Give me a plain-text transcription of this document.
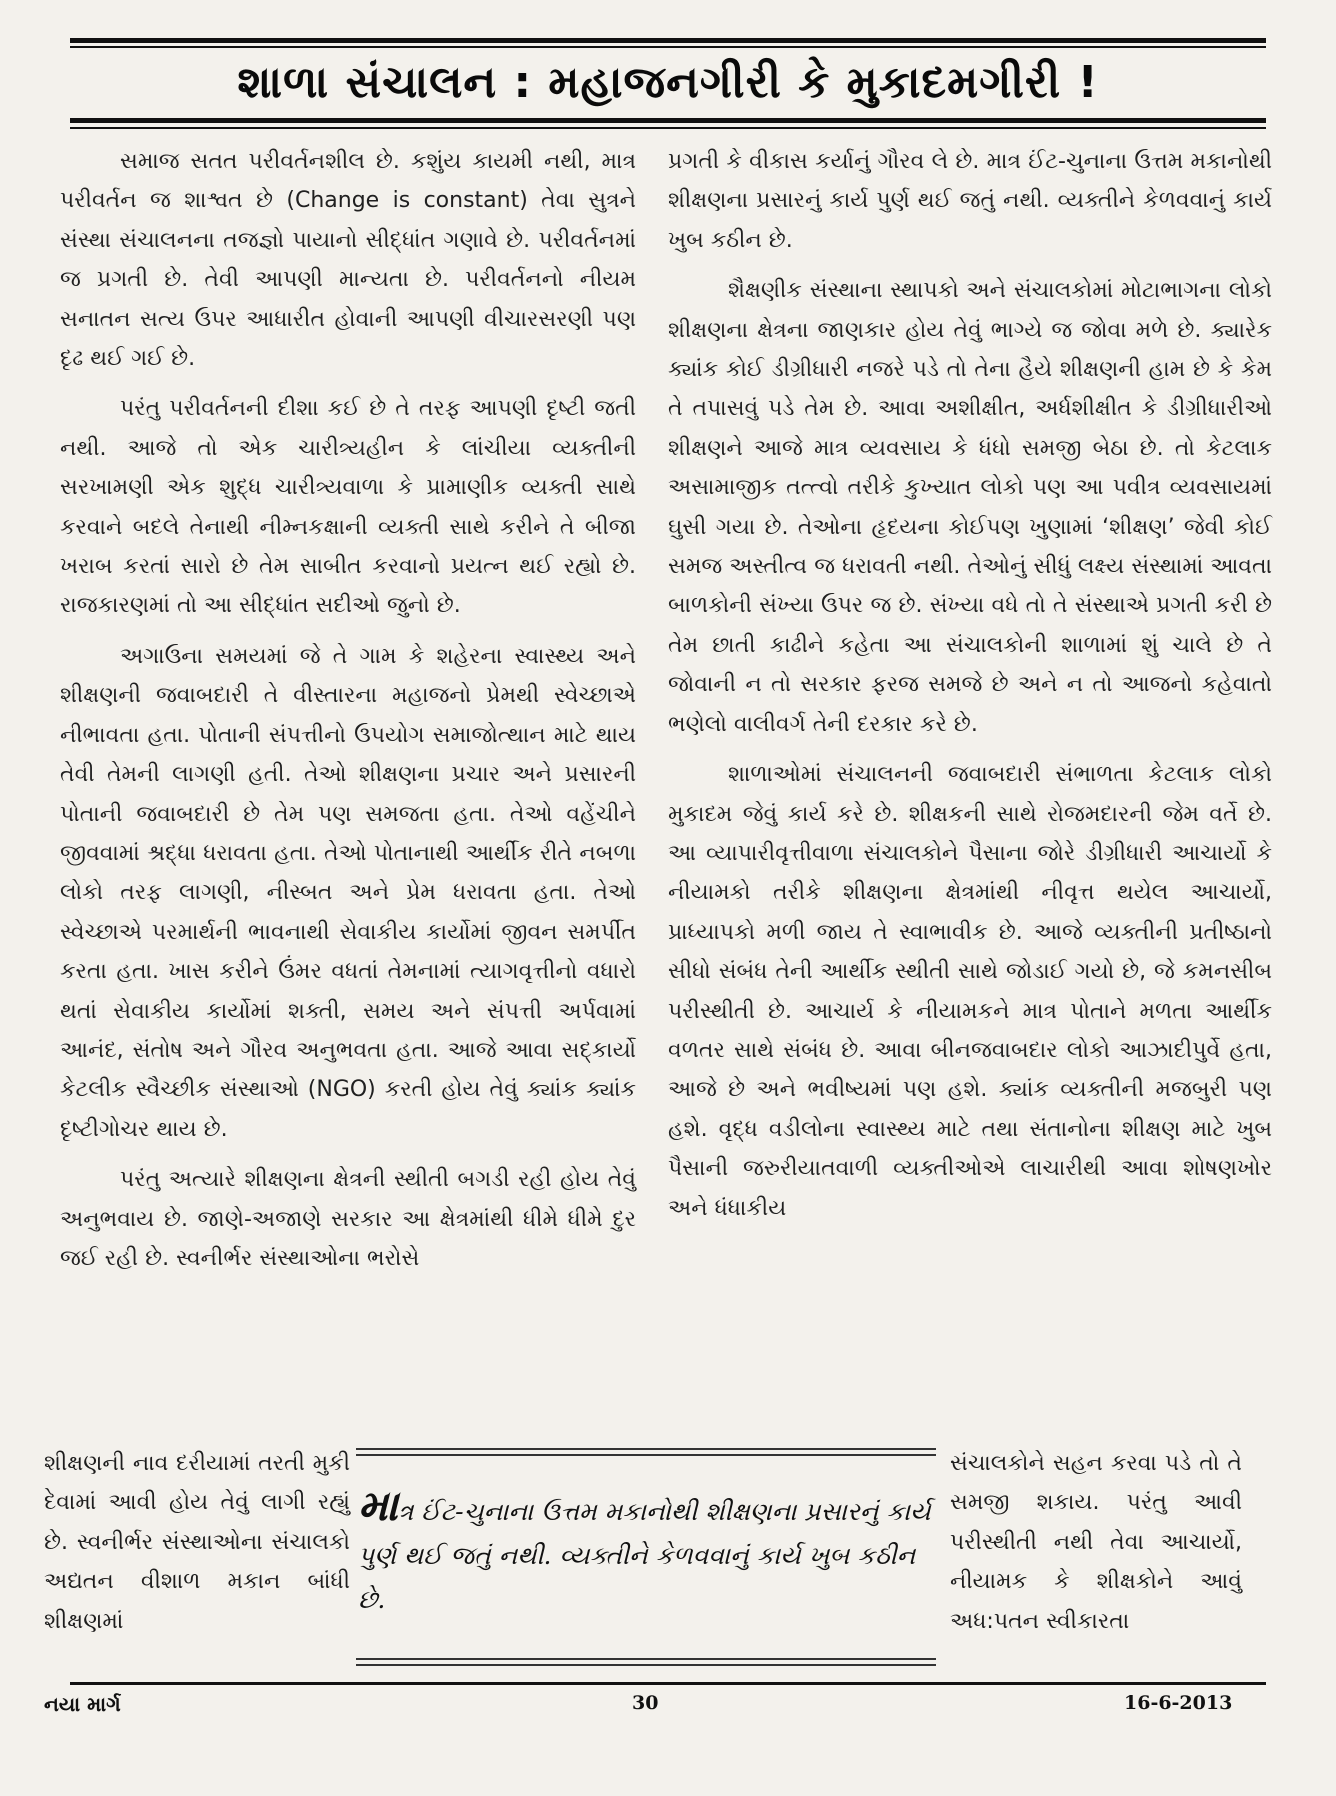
શાળા સંચાલન : મહાજનગીરી કે મુકાદમગીરી !

સમાજ સતત પરીવર્તનશીલ છે. કશુંય કાયમી નથી, માત્ર પરીવર્તન જ શાશ્વત છે (Change is constant) તેવા સુત્રને સંસ્થા સંચાલનના તજજ્ઞો પાયાનો સીદ્ધાંત ગણાવે છે. પરીવર્તનમાં જ પ્રગતી છે. તેવી આપણી માન્યતા છે. પરીવર્તનનો નીયમ સનાતન સત્ય ઉપર આધારીત હોવાની આપણી વીચારસરણી પણ દૃઢ થઈ ગઈ છે.

પરંતુ પરીવર્તનની દીશા કઈ છે તે તરફ આપણી દૃષ્ટી જતી નથી. આજે તો એક ચારીત્ર્યહીન કે લાંચીયા વ્યક્તીની સરખામણી એક શુદ્ધ ચારીત્ર્યવાળા કે પ્રામાણીક વ્યક્તી સાથે કરવાને બદલે તેનાથી નીમ્નકક્ષાની વ્યક્તી સાથે કરીને તે બીજા ખરાબ કરતાં સારો છે તેમ સાબીત કરવાનો પ્રયત્ન થઈ રહ્યો છે. રાજકારણમાં તો આ સીદ્ધાંત સદીઓ જુનો છે.

અગાઉના સમયમાં જે તે ગામ કે શહેરના સ્વાસ્થ્ય અને શીક્ષણની જવાબદારી તે વીસ્તારના મહાજનો પ્રેમથી સ્વેચ્છાએ નીભાવતા હતા. પોતાની સંપત્તીનો ઉપયોગ સમાજોત્થાન માટે થાય તેવી તેમની લાગણી હતી. તેઓ શીક્ષણના પ્રચાર અને પ્રસારની પોતાની જવાબદારી છે તેમ પણ સમજતા હતા. તેઓ વહેંચીને જીવવામાં શ્રદ્ધા ધરાવતા હતા. તેઓ પોતાનાથી આર્થીક રીતે નબળા લોકો તરફ લાગણી, નીસ્બત અને પ્રેમ ધરાવતા હતા. તેઓ સ્વેચ્છાએ પરમાર્થની ભાવનાથી સેવાકીય કાર્યોમાં જીવન સમર્પીત કરતા હતા. ખાસ કરીને ઉંમર વધતાં તેમનામાં ત્યાગવૃત્તીનો વધારો થતાં સેવાકીય કાર્યોમાં શક્તી, સમય અને સંપત્તી અર્પવામાં આનંદ, સંતોષ અને ગૌરવ અનુભવતા હતા. આજે આવા સદ્કાર્યો કેટલીક સ્વૈચ્છીક સંસ્થાઓ (NGO) કરતી હોય તેવું ક્યાંક ક્યાંક દૃષ્ટીગોચર થાય છે.

પરંતુ અત્યારે શીક્ષણના ક્ષેત્રની સ્થીતી બગડી રહી હોય તેવું અનુભવાય છે. જાણે-અજાણે સરકાર આ ક્ષેત્રમાંથી ધીમે ધીમે દુર જઈ રહી છે. સ્વનીર્ભર સંસ્થાઓના ભરોસે

પ્રગતી કે વીકાસ કર્યાનું ગૌરવ લે છે. માત્ર ઈંટ-ચુનાના ઉત્તમ મકાનોથી શીક્ષણના પ્રસારનું કાર્ય પુર્ણ થઈ જતું નથી. વ્યક્તીને કેળવવાનું કાર્ય ખુબ કઠીન છે.

શૈક્ષણીક સંસ્થાના સ્થાપકો અને સંચાલકોમાં મોટાભાગના લોકો શીક્ષણના ક્ષેત્રના જાણકાર હોય તેવું ભાગ્યે જ જોવા મળે છે. ક્યારેક ક્યાંક કોઈ ડીગ્રીધારી નજરે પડે તો તેના હૈયે શીક્ષણની હામ છે કે કેમ તે તપાસવું પડે તેમ છે. આવા અશીક્ષીત, અર્ધશીક્ષીત કે ડીગ્રીધારીઓ શીક્ષણને આજે માત્ર વ્યવસાય કે ધંધો સમજી બેઠા છે. તો કેટલાક અસામાજીક તત્ત્વો તરીકે કુખ્યાત લોકો પણ આ પવીત્ર વ્યવસાયમાં ઘુસી ગયા છે. તેઓના હૃદયના કોઈપણ ખુણામાં ‘શીક્ષણ’ જેવી કોઈ સમજ અસ્તીત્વ જ ધરાવતી નથી. તેઓનું સીધું લક્ષ્ય સંસ્થામાં આવતા બાળકોની સંખ્યા ઉપર જ છે. સંખ્યા વધે તો તે સંસ્થાએ પ્રગતી કરી છે તેમ છાતી કાઢીને કહેતા આ સંચાલકોની શાળામાં શું ચાલે છે તે જોવાની ન તો સરકાર ફરજ સમજે છે અને ન તો આજનો કહેવાતો ભણેલો વાલીવર્ગ તેની દરકાર કરે છે.

શાળાઓમાં સંચાલનની જવાબદારી સંભાળતા કેટલાક લોકો મુકાદમ જેવું કાર્ય કરે છે. શીક્ષકની સાથે રોજમદારની જેમ વર્તે છે. આ વ્યાપારીવૃત્તીવાળા સંચાલકોને પૈસાના જોરે ડીગ્રીધારી આચાર્યો કે નીયામકો તરીકે શીક્ષણના ક્ષેત્રમાંથી નીવૃત્ત થયેલ આચાર્યો, પ્રાધ્યાપકો મળી જાય તે સ્વાભાવીક છે. આજે વ્યક્તીની પ્રતીષ્ઠાનો સીધો સંબંધ તેની આર્થીક સ્થીતી સાથે જોડાઈ ગયો છે, જે કમનસીબ પરીસ્થીતી છે. આચાર્ય કે નીયામકને માત્ર પોતાને મળતા આર્થીક વળતર સાથે સંબંધ છે. આવા બીનજવાબદાર લોકો આઝાદીપુર્વે હતા, આજે છે અને ભવીષ્યમાં પણ હશે. ક્યાંક વ્યક્તીની મજબુરી પણ હશે. વૃદ્ધ વડીલોના સ્વાસ્થ્ય માટે તથા સંતાનોના શીક્ષણ માટે ખુબ પૈસાની જરુરીયાતવાળી વ્યક્તીઓએ લાચારીથી આવા શોષણખોર અને ધંધાકીય

શીક્ષણની નાવ દરીયામાં તરતી મુકી દેવામાં આવી હોય તેવું લાગી રહ્યું છે. સ્વનીર્ભર સંસ્થાઓના સંચાલકો અદ્યતન વીશાળ મકાન બાંધી શીક્ષણમાં

માત્ર ઈંટ-ચુનાના ઉત્તમ મકાનોથી શીક્ષણના પ્રસારનું કાર્ય પુર્ણ થઈ જતું નથી. વ્યક્તીને કેળવવાનું કાર્ય ખુબ કઠીન છે.

સંચાલકોને સહન કરવા પડે તો તે સમજી શકાય. પરંતુ આવી પરીસ્થીતી નથી તેવા આચાર્યો, નીયામક કે શીક્ષકોને આવું અધ:પતન સ્વીકારતા

નયા માર્ગ	30	16-6-2013
